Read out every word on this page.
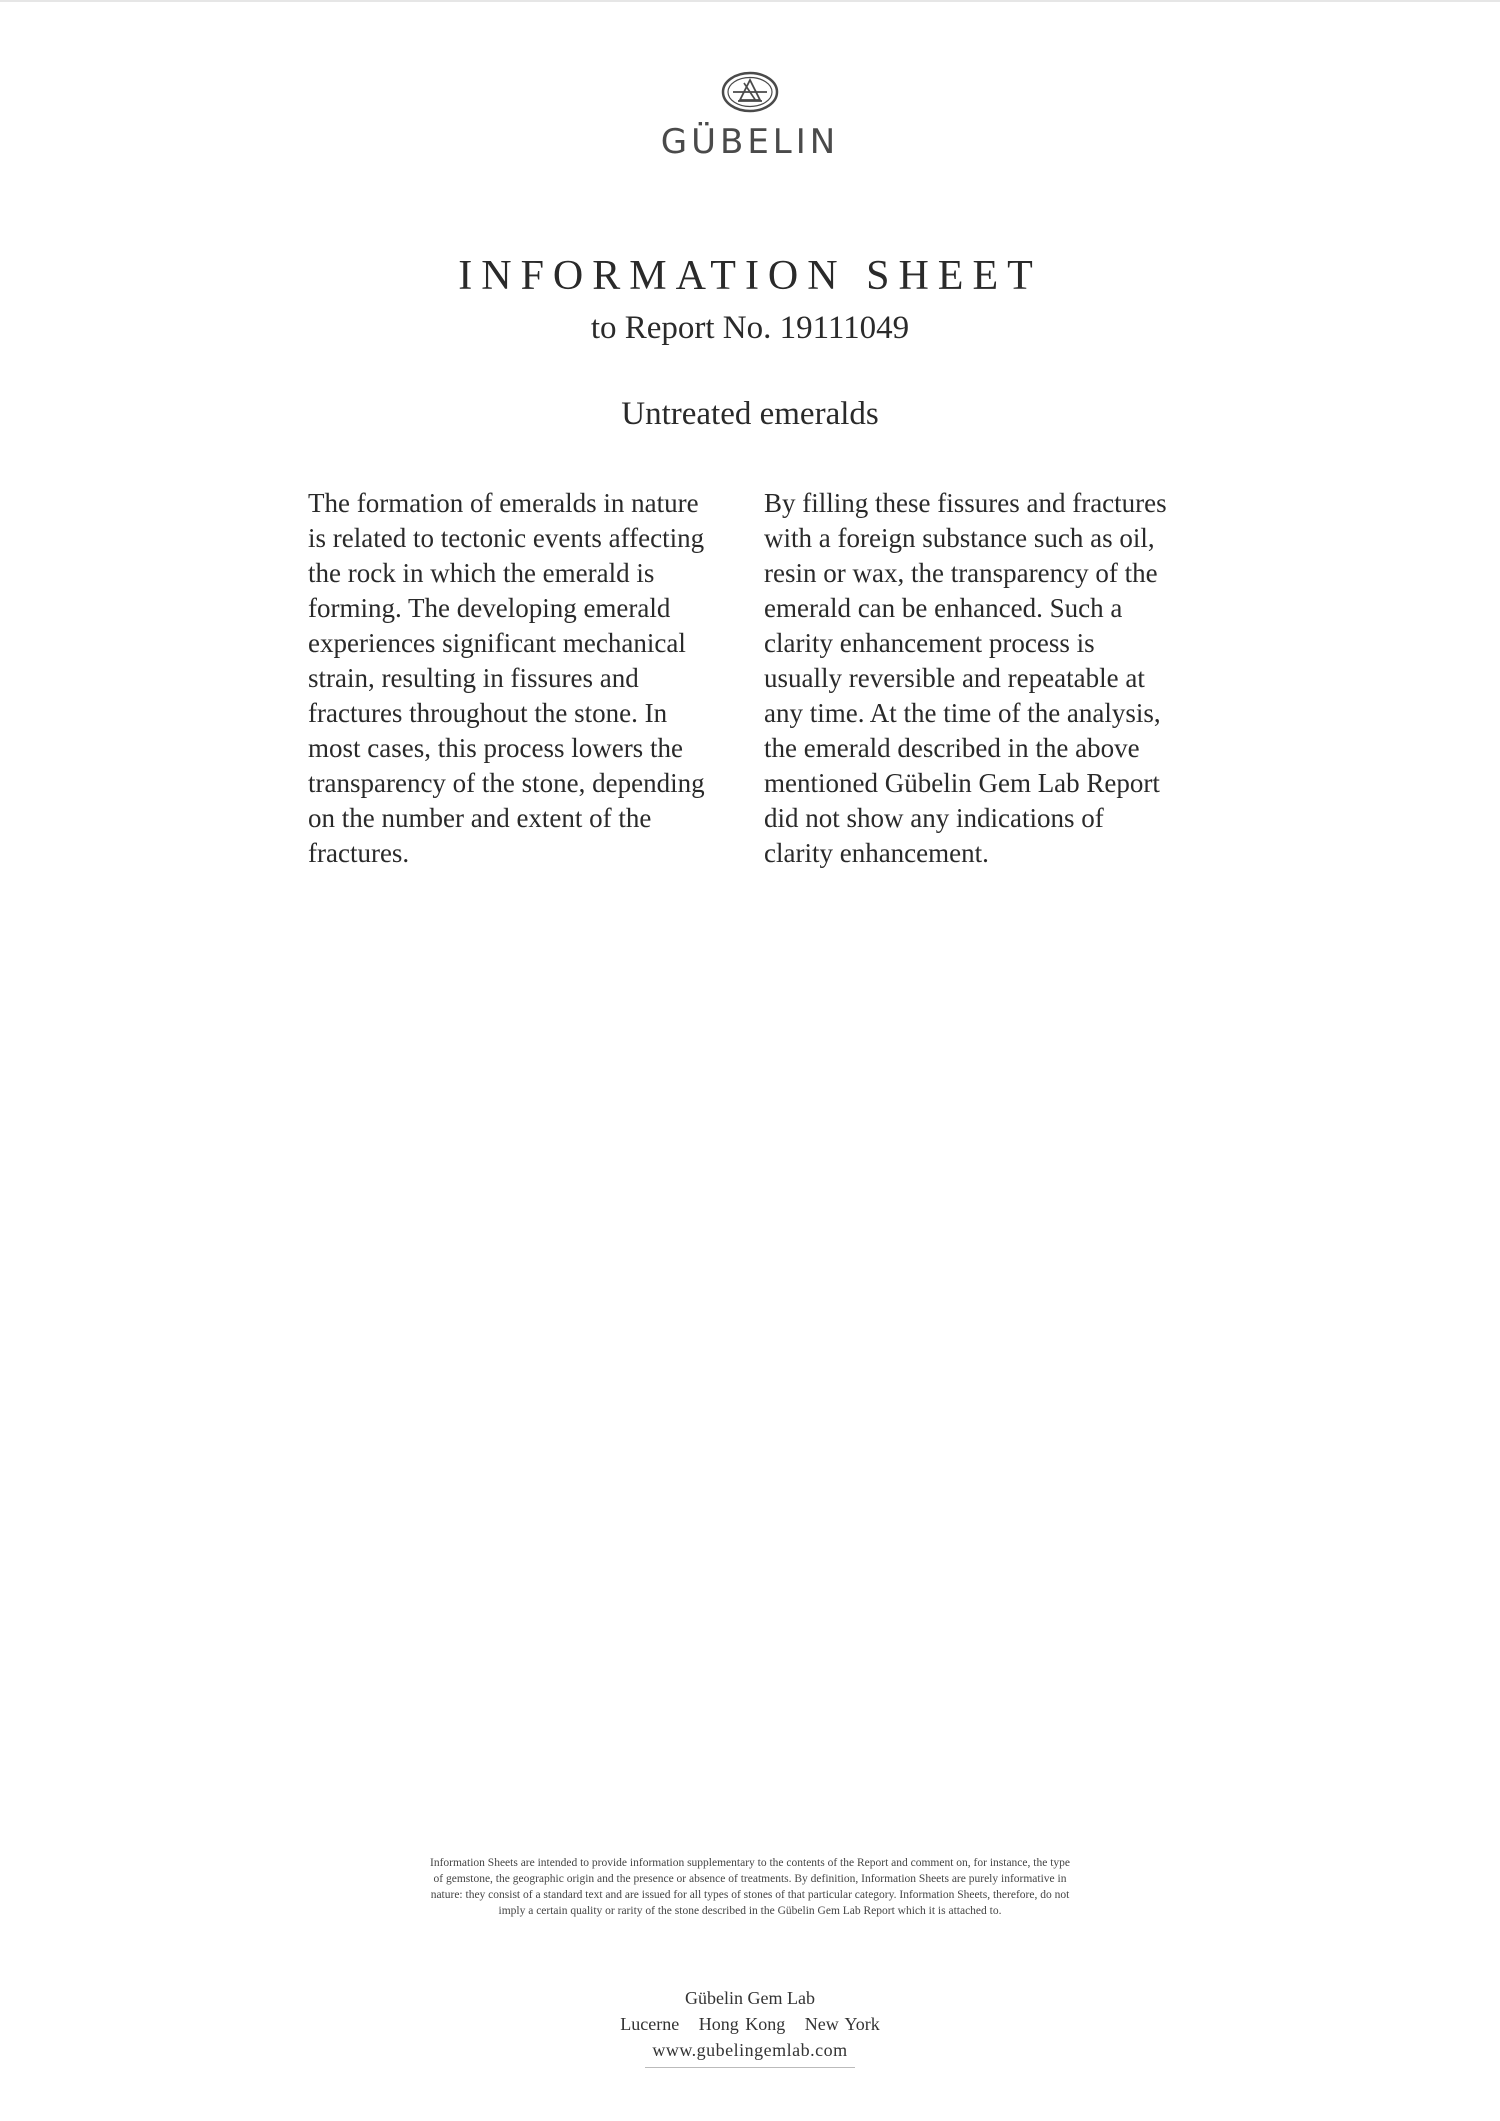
GÜBELIN
INFORMATION SHEET
to Report No. 19111049
Untreated emeralds
The formation of emeralds in nature
is related to tectonic events affecting
the rock in which the emerald is
forming. The developing emerald
experiences significant mechanical
strain, resulting in fissures and
fractures throughout the stone. In
most cases, this process lowers the
transparency of the stone, depending
on the number and extent of the
fractures.
By filling these fissures and fractures
with a foreign substance such as oil,
resin or wax, the transparency of the
emerald can be enhanced. Such a
clarity enhancement process is
usually reversible and repeatable at
any time. At the time of the analysis,
the emerald described in the above
mentioned Gübelin Gem Lab Report
did not show any indications of
clarity enhancement.
Information Sheets are intended to provide information supplementary to the contents of the Report and comment on, for instance, the type
of gemstone, the geographic origin and the presence or absence of treatments. By definition, Information Sheets are purely informative in
nature: they consist of a standard text and are issued for all types of stones of that particular category. Information Sheets, therefore, do not
imply a certain quality or rarity of the stone described in the Gübelin Gem Lab Report which it is attached to.
Gübelin Gem Lab
Lucerne   Hong Kong   New York
www.gubelingemlab.com
